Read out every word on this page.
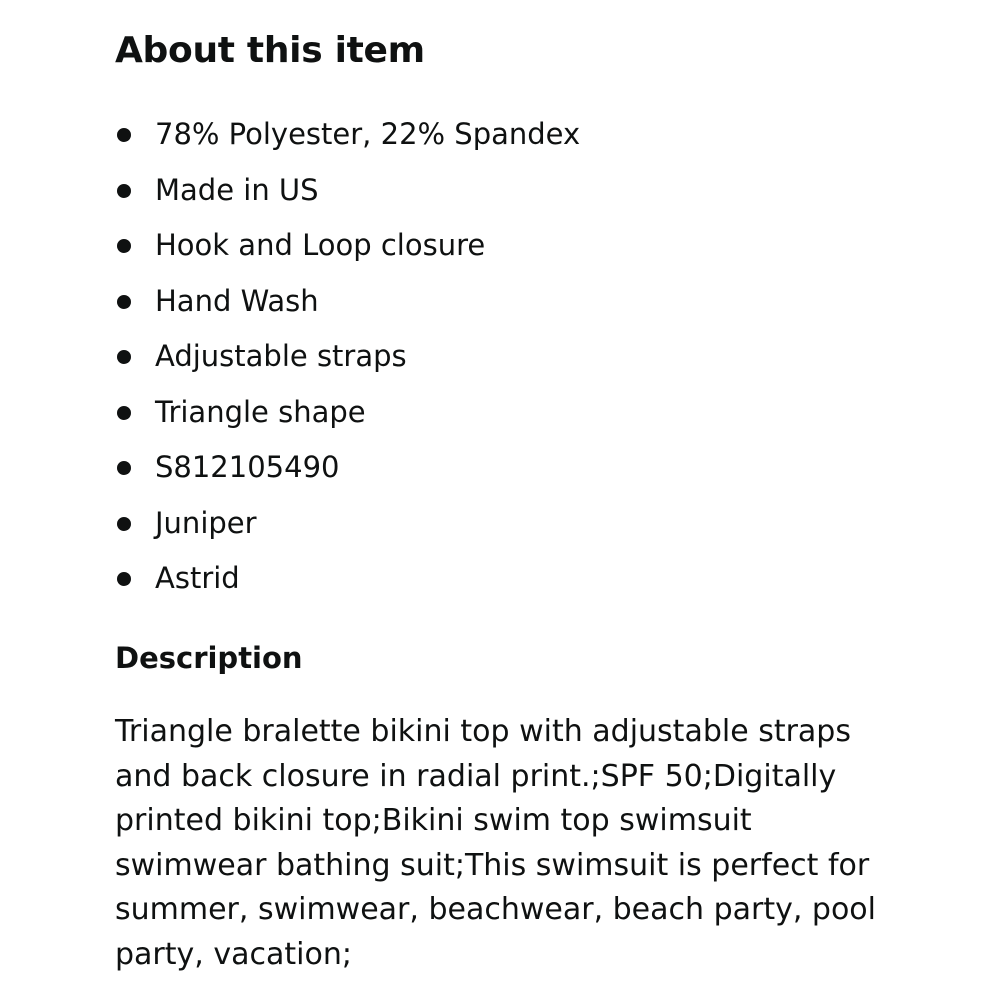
About this item
78% Polyester, 22% Spandex
Made in US
Hook and Loop closure
Hand Wash
Adjustable straps
Triangle shape
S812105490
Juniper
Astrid
Description

Triangle bralette bikini top with adjustable straps and back closure in radial print.;SPF 50;Digitally printed bikini top;Bikini swim top swimsuit swimwear bathing suit;This swimsuit is perfect for summer, swimwear, beachwear, beach party, pool party, vacation;
